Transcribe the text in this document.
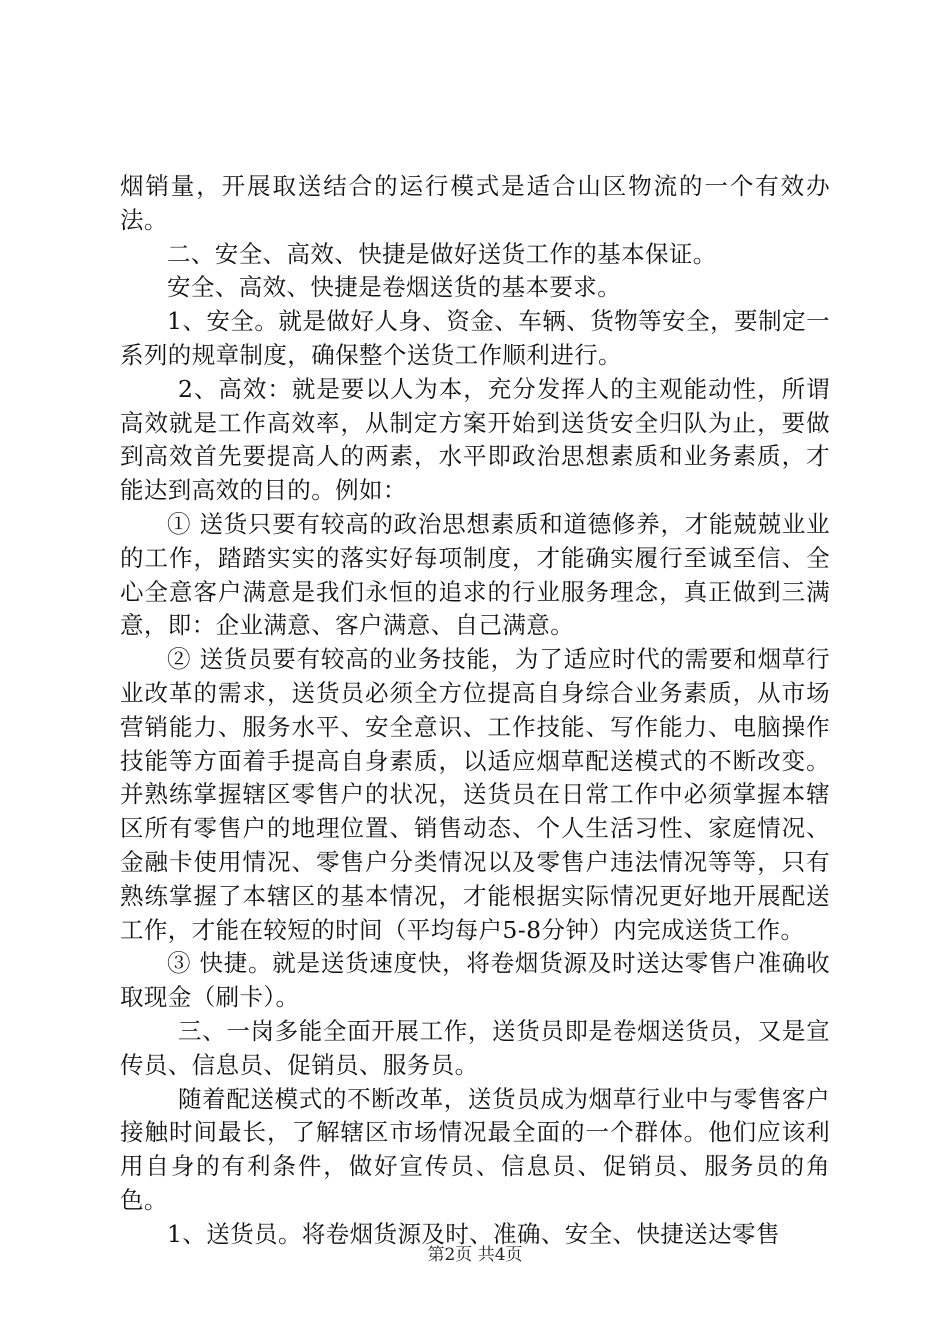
烟销量，开展取送结合的运行模式是适合山区物流的一个有效办法。

二、安全、高效、快捷是做好送货工作的基本保证。

安全、高效、快捷是卷烟送货的基本要求。

1、安全。就是做好人身、资金、车辆、货物等安全，要制定一系列的规章制度，确保整个送货工作顺利进行。

2、高效：就是要以人为本，充分发挥人的主观能动性，所谓高效就是工作高效率，从制定方案开始到送货安全归队为止，要做到高效首先要提高人的两素，水平即政治思想素质和业务素质，才能达到高效的目的。例如：

① 送货只要有较高的政治思想素质和道德修养，才能兢兢业业的工作，踏踏实实的落实好每项制度，才能确实履行至诚至信、全心全意客户满意是我们永恒的追求的行业服务理念，真正做到三满意，即：企业满意、客户满意、自己满意。

② 送货员要有较高的业务技能，为了适应时代的需要和烟草行业改革的需求，送货员必须全方位提高自身综合业务素质，从市场营销能力、服务水平、安全意识、工作技能、写作能力、电脑操作技能等方面着手提高自身素质，以适应烟草配送模式的不断改变。并熟练掌握辖区零售户的状况，送货员在日常工作中必须掌握本辖区所有零售户的地理位置、销售动态、个人生活习性、家庭情况、金融卡使用情况、零售户分类情况以及零售户违法情况等等，只有熟练掌握了本辖区的基本情况，才能根据实际情况更好地开展配送工作，才能在较短的时间（平均每户5-8分钟）内完成送货工作。

③ 快捷。就是送货速度快，将卷烟货源及时送达零售户准确收取现金（刷卡）。

三、一岗多能全面开展工作，送货员即是卷烟送货员，又是宣传员、信息员、促销员、服务员。

随着配送模式的不断改革，送货员成为烟草行业中与零售客户接触时间最长，了解辖区市场情况最全面的一个群体。他们应该利用自身的有利条件，做好宣传员、信息员、促销员、服务员的角色。

1、送货员。将卷烟货源及时、准确、安全、快捷送达零售

第2页 共4页
